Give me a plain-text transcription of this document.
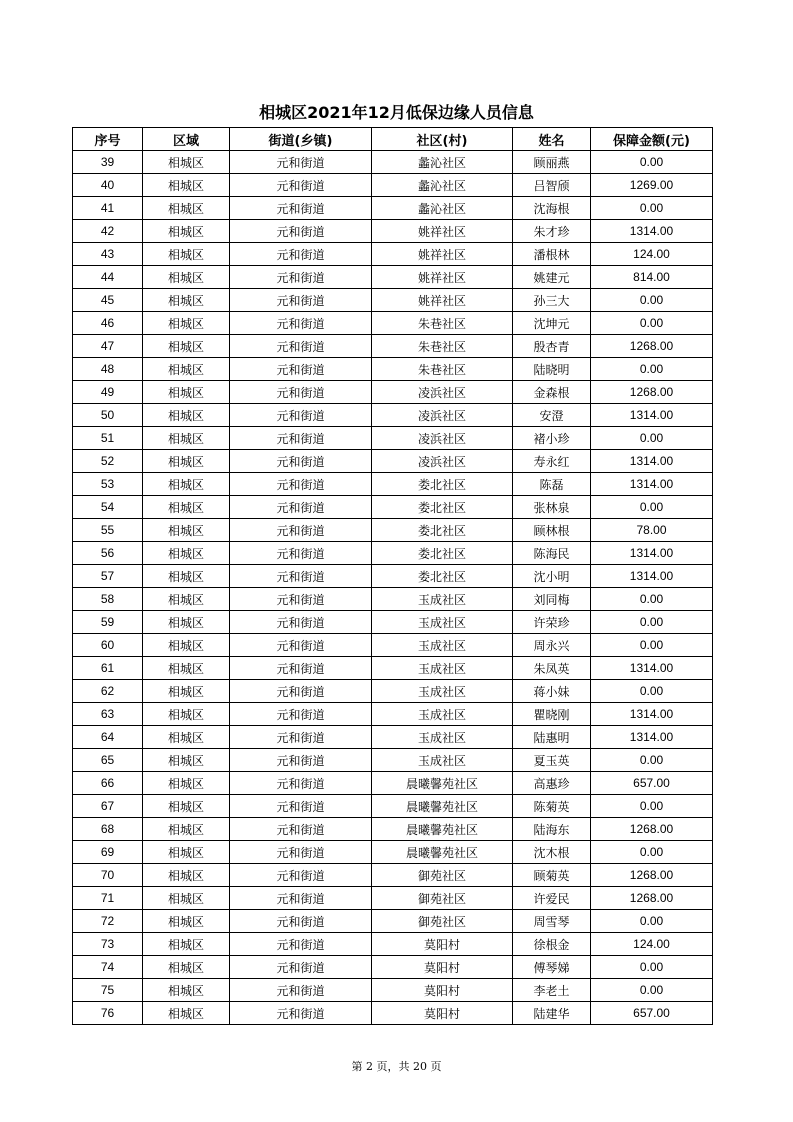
相城区2021年12月低保边缘人员信息
序号	区域	街道(乡镇)	社区(村)	姓名	保障金额(元)
39	相城区	元和街道	蠡沁社区	顾丽燕	0.00
40	相城区	元和街道	蠡沁社区	吕智颀	1269.00
41	相城区	元和街道	蠡沁社区	沈海根	0.00
42	相城区	元和街道	姚祥社区	朱才珍	1314.00
43	相城区	元和街道	姚祥社区	潘根林	124.00
44	相城区	元和街道	姚祥社区	姚建元	814.00
45	相城区	元和街道	姚祥社区	孙三大	0.00
46	相城区	元和街道	朱巷社区	沈坤元	0.00
47	相城区	元和街道	朱巷社区	殷杏青	1268.00
48	相城区	元和街道	朱巷社区	陆晓明	0.00
49	相城区	元和街道	凌浜社区	金森根	1268.00
50	相城区	元和街道	凌浜社区	安澄	1314.00
51	相城区	元和街道	凌浜社区	褚小珍	0.00
52	相城区	元和街道	凌浜社区	寿永红	1314.00
53	相城区	元和街道	娄北社区	陈磊	1314.00
54	相城区	元和街道	娄北社区	张林泉	0.00
55	相城区	元和街道	娄北社区	顾林根	78.00
56	相城区	元和街道	娄北社区	陈海民	1314.00
57	相城区	元和街道	娄北社区	沈小明	1314.00
58	相城区	元和街道	玉成社区	刘同梅	0.00
59	相城区	元和街道	玉成社区	许荣珍	0.00
60	相城区	元和街道	玉成社区	周永兴	0.00
61	相城区	元和街道	玉成社区	朱凤英	1314.00
62	相城区	元和街道	玉成社区	蒋小妹	0.00
63	相城区	元和街道	玉成社区	瞿晓刚	1314.00
64	相城区	元和街道	玉成社区	陆惠明	1314.00
65	相城区	元和街道	玉成社区	夏玉英	0.00
66	相城区	元和街道	晨曦馨苑社区	高惠珍	657.00
67	相城区	元和街道	晨曦馨苑社区	陈菊英	0.00
68	相城区	元和街道	晨曦馨苑社区	陆海东	1268.00
69	相城区	元和街道	晨曦馨苑社区	沈木根	0.00
70	相城区	元和街道	御苑社区	顾菊英	1268.00
71	相城区	元和街道	御苑社区	许爱民	1268.00
72	相城区	元和街道	御苑社区	周雪琴	0.00
73	相城区	元和街道	莫阳村	徐根金	124.00
74	相城区	元和街道	莫阳村	傅琴娣	0.00
75	相城区	元和街道	莫阳村	李老土	0.00
76	相城区	元和街道	莫阳村	陆建华	657.00
第 2 页，共 20 页
